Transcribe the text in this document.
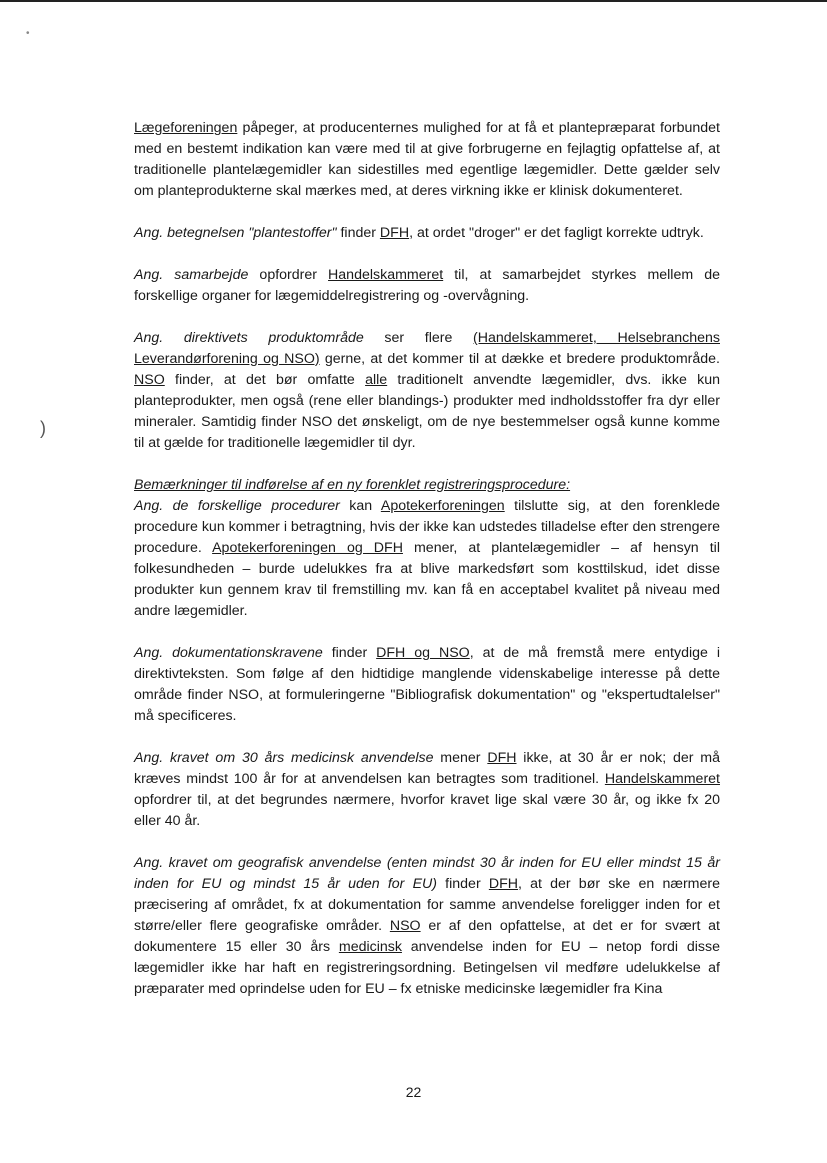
•
)

Lægeforeningen påpeger, at producenternes mulighed for at få et plantepræparat forbundet med en bestemt indikation kan være med til at give forbrugerne en fejlagtig opfattelse af, at traditionelle plantelægemidler kan sidestilles med egentlige lægemidler. Dette gælder selv om planteprodukterne skal mærkes med, at deres virkning ikke er klinisk dokumenteret.

Ang. betegnelsen "plantestoffer" finder DFH, at ordet "droger" er det fagligt korrekte udtryk.

Ang. samarbejde opfordrer Handelskammeret til, at samarbejdet styrkes mellem de forskellige organer for lægemiddelregistrering og -overvågning.

Ang. direktivets produktområde ser flere (Handelskammeret, Helsebranchens Leverandørforening og NSO) gerne, at det kommer til at dække et bredere produktområde. NSO finder, at det bør omfatte alle traditionelt anvendte lægemidler, dvs. ikke kun planteprodukter, men også (rene eller blandings-) produkter med indholdsstoffer fra dyr eller mineraler. Samtidig finder NSO det ønskeligt, om de nye bestemmelser også kunne komme til at gælde for traditionelle lægemidler til dyr.

Bemærkninger til indførelse af en ny forenklet registreringsprocedure:

Ang. de forskellige procedurer kan Apotekerforeningen tilslutte sig, at den forenklede procedure kun kommer i betragtning, hvis der ikke kan udstedes tilladelse efter den strengere procedure. Apotekerforeningen og DFH mener, at plantelægemidler – af hensyn til folkesundheden – burde udelukkes fra at blive markedsført som kosttilskud, idet disse produkter kun gennem krav til fremstilling mv. kan få en acceptabel kvalitet på niveau med andre lægemidler.

Ang. dokumentationskravene finder DFH og NSO, at de må fremstå mere entydige i direktivteksten. Som følge af den hidtidige manglende videnskabelige interesse på dette område finder NSO, at formuleringerne "Bibliografisk dokumentation" og "ekspertudtalelser" må specificeres.

Ang. kravet om 30 års medicinsk anvendelse mener DFH ikke, at 30 år er nok; der må kræves mindst 100 år for at anvendelsen kan betragtes som traditionel. Handelskammeret opfordrer til, at det begrundes nærmere, hvorfor kravet lige skal være 30 år, og ikke fx 20 eller 40 år.

Ang. kravet om geografisk anvendelse (enten mindst 30 år inden for EU eller mindst 15 år inden for EU og mindst 15 år uden for EU) finder DFH, at der bør ske en nærmere præcisering af området, fx at dokumentation for samme anvendelse foreligger inden for et større/eller flere geografiske områder. NSO er af den opfattelse, at det er for svært at dokumentere 15 eller 30 års medicinsk anvendelse inden for EU – netop fordi disse lægemidler ikke har haft en registreringsordning. Betingelsen vil medføre udelukkelse af præparater med oprindelse uden for EU – fx etniske medicinske lægemidler fra Kina

22
